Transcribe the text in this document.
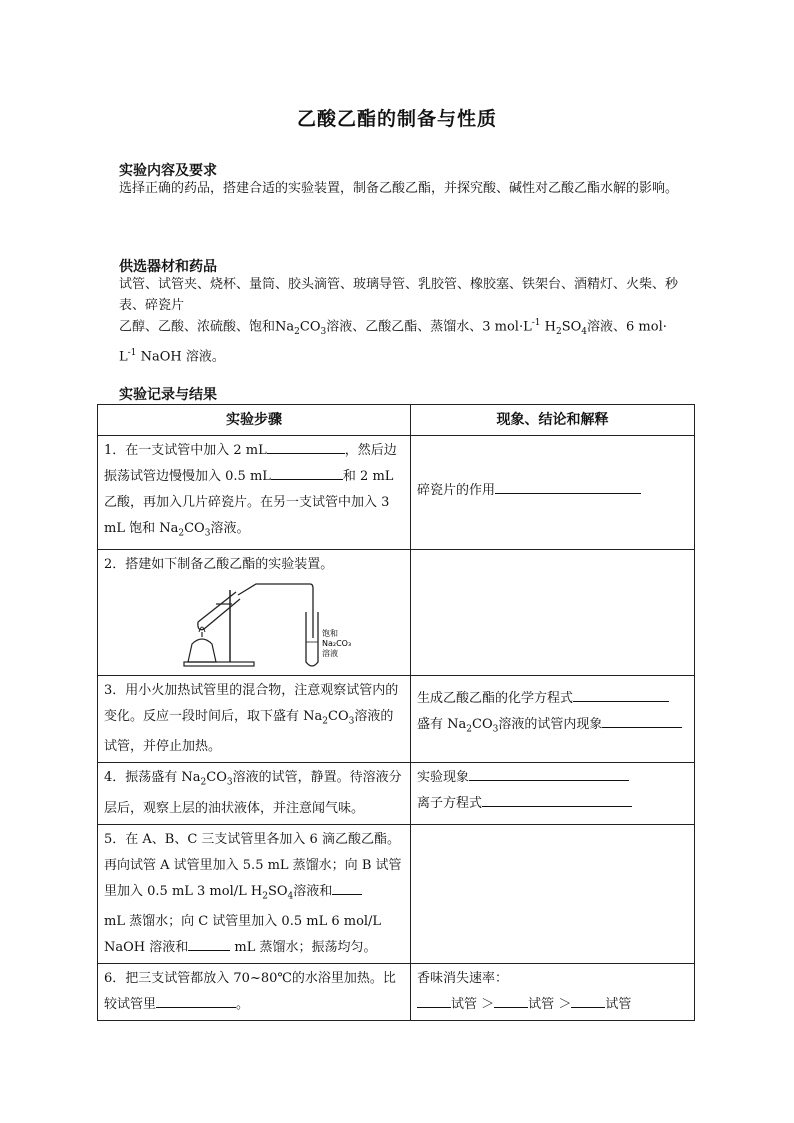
乙酸乙酯的制备与性质
实验内容及要求
选择正确的药品，搭建合适的实验装置，制备乙酸乙酯，并探究酸、碱性对乙酸乙酯水解的影响。
供选器材和药品
试管、试管夹、烧杯、量筒、胶头滴管、玻璃导管、乳胶管、橡胶塞、铁架台、酒精灯、火柴、秒表、碎瓷片
乙醇、乙酸、浓硫酸、饱和$Na_2CO_3$溶液、乙酸乙酯、蒸馏水、3 $mol\cdot L^{-1}$ $H_2SO_4$溶液、6 mol·
$L^{-1}$ NaOH 溶液。
实验记录与结果
实验步骤	现象、结论和解释
1．在一支试管中加入 2 mL ，然后边振荡试管边慢慢加入 0.5 mL 和 2 mL 乙酸，再加入几片碎瓷片。在另一支试管中加入 3 mL 饱和 $Na_2CO_3$溶液。	碎瓷片的作用
2．搭建如下制备乙酸乙酯的实验装置。
饱和
Na₂CO₃
溶液	

3．用小火加热试管里的混合物，注意观察试管内的变化。反应一段时间后，取下盛有 $Na_2CO_3$溶液的试管，并停止加热。	生成乙酸乙酯的化学方程式
盛有 $Na_2CO_3$溶液的试管内现象
4．振荡盛有 $Na_2CO_3$溶液的试管，静置。待溶液分层后，观察上层的油状液体，并注意闻气味。	实验现象
离子方程式
5．在 A、B、C 三支试管里各加入 6 滴乙酸乙酯。再向试管 A 试管里加入 5.5 mL 蒸馏水；向 B 试管里加入 0.5 mL 3 mol/L $H_2SO_4$溶液和
mL 蒸馏水；向 C 试管里加入 0.5 mL 6 mol/L NaOH 溶液和 mL 蒸馏水；振荡均匀。	
6．把三支试管都放入 70~80℃的水浴里加热。比较试管里 。	香味消失速率：
试管 ＞ 试管 ＞ 试管
